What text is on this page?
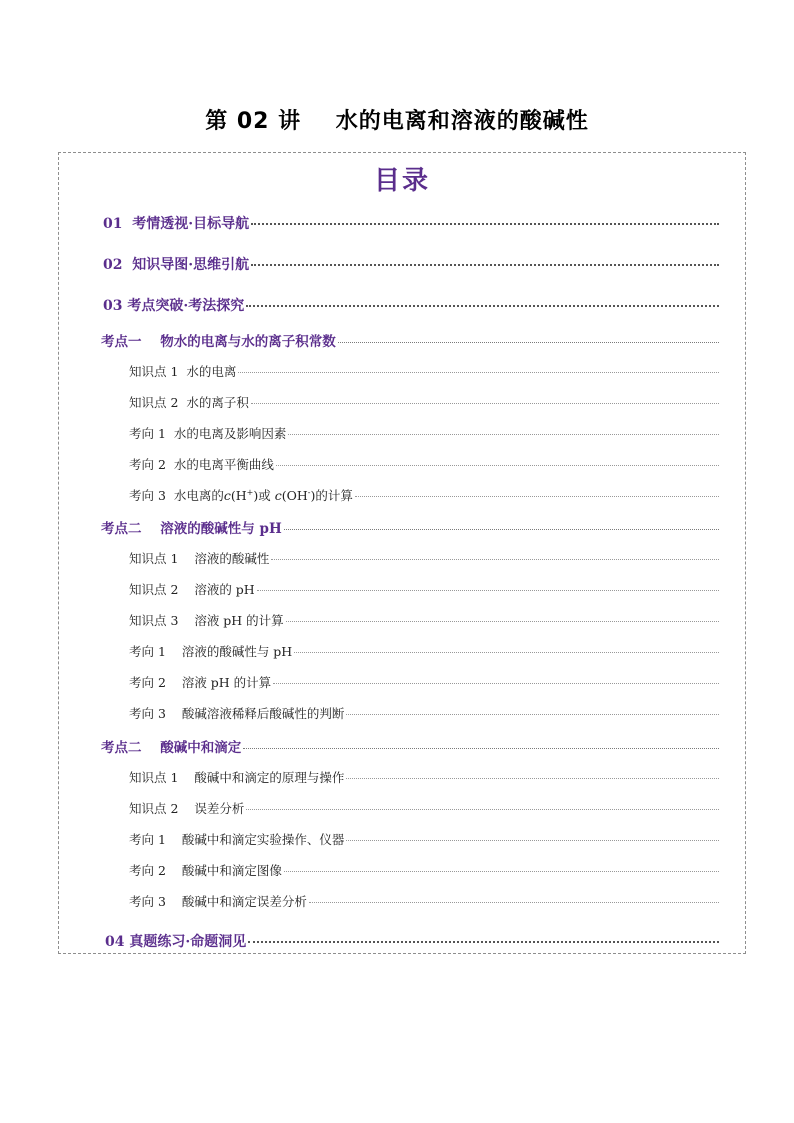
第 02 讲    水的电离和溶液的酸碱性
目录
01 考情透视·目标导航
02 知识导图·思维引航
03 考点突破·考法探究
考点一    物水的电离与水的离子积常数
知识点 1  水的电离
知识点 2  水的离子积
考向 1  水的电离及影响因素
考向 2  水的电离平衡曲线
考向 3  水电离的c(H+)或 c(OH-)的计算
考点二    溶液的酸碱性与 pH
知识点 1    溶液的酸碱性
知识点 2    溶液的 pH
知识点 3    溶液 pH 的计算
考向 1    溶液的酸碱性与 pH
考向 2    溶液 pH 的计算
考向 3    酸碱溶液稀释后酸碱性的判断
考点二    酸碱中和滴定
知识点 1    酸碱中和滴定的原理与操作
知识点 2    误差分析
考向 1    酸碱中和滴定实验操作、仪器
考向 2    酸碱中和滴定图像
考向 3    酸碱中和滴定误差分析
04 真题练习·命题洞见
